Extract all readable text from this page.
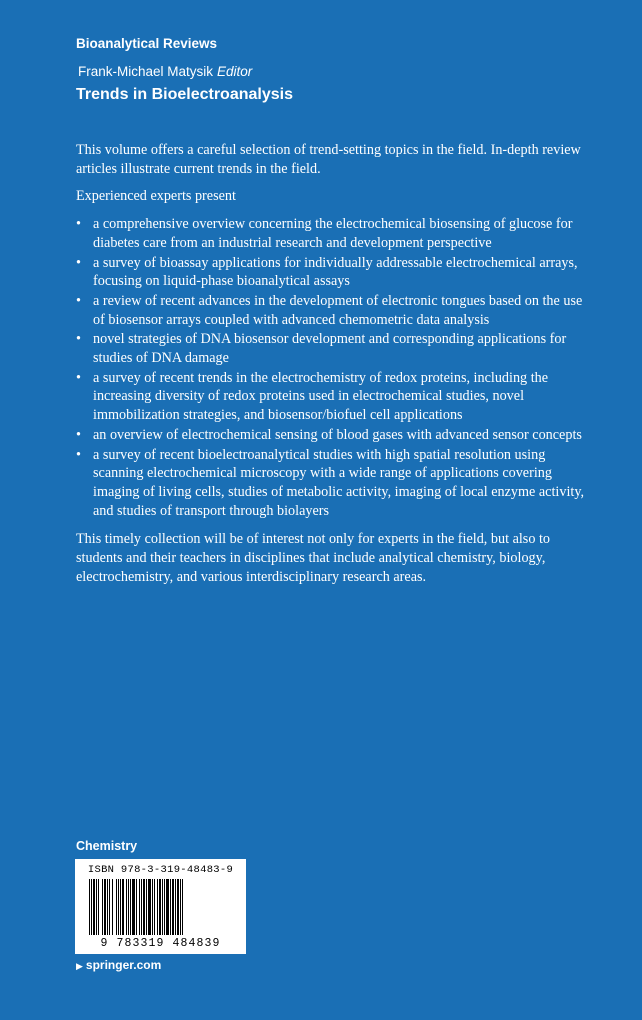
Bioanalytical Reviews
Frank-Michael Matysik Editor
Trends in Bioelectroanalysis

This volume offers a careful selection of trend-setting topics in the field. In-depth review articles illustrate current trends in the field.

Experienced experts present

• a comprehensive overview concerning the electrochemical biosensing of glucose for diabetes care from an industrial research and development perspective
• a survey of bioassay applications for individually addressable electrochemical arrays, focusing on liquid-phase bioanalytical assays
• a review of recent advances in the development of electronic tongues based on the use of biosensor arrays coupled with advanced chemometric data analysis
• novel strategies of DNA biosensor development and corresponding applications for studies of DNA damage
• a survey of recent trends in the electrochemistry of redox proteins, including the increasing diversity of redox proteins used in electrochemical studies, novel immobilization strategies, and biosensor/biofuel cell applications
• an overview of electrochemical sensing of blood gases with advanced sensor concepts
• a survey of recent bioelectroanalytical studies with high spatial resolution using scanning electrochemical microscopy with a wide range of applications covering imaging of living cells, studies of metabolic activity, imaging of local enzyme activity, and studies of transport through biolayers

This timely collection will be of interest not only for experts in the field, but also to students and their teachers in disciplines that include analytical chemistry, biology, electrochemistry, and various interdisciplinary research areas.

Chemistry
ISBN 978-3-319-48483-9
9 783319 484839
▶ springer.com
